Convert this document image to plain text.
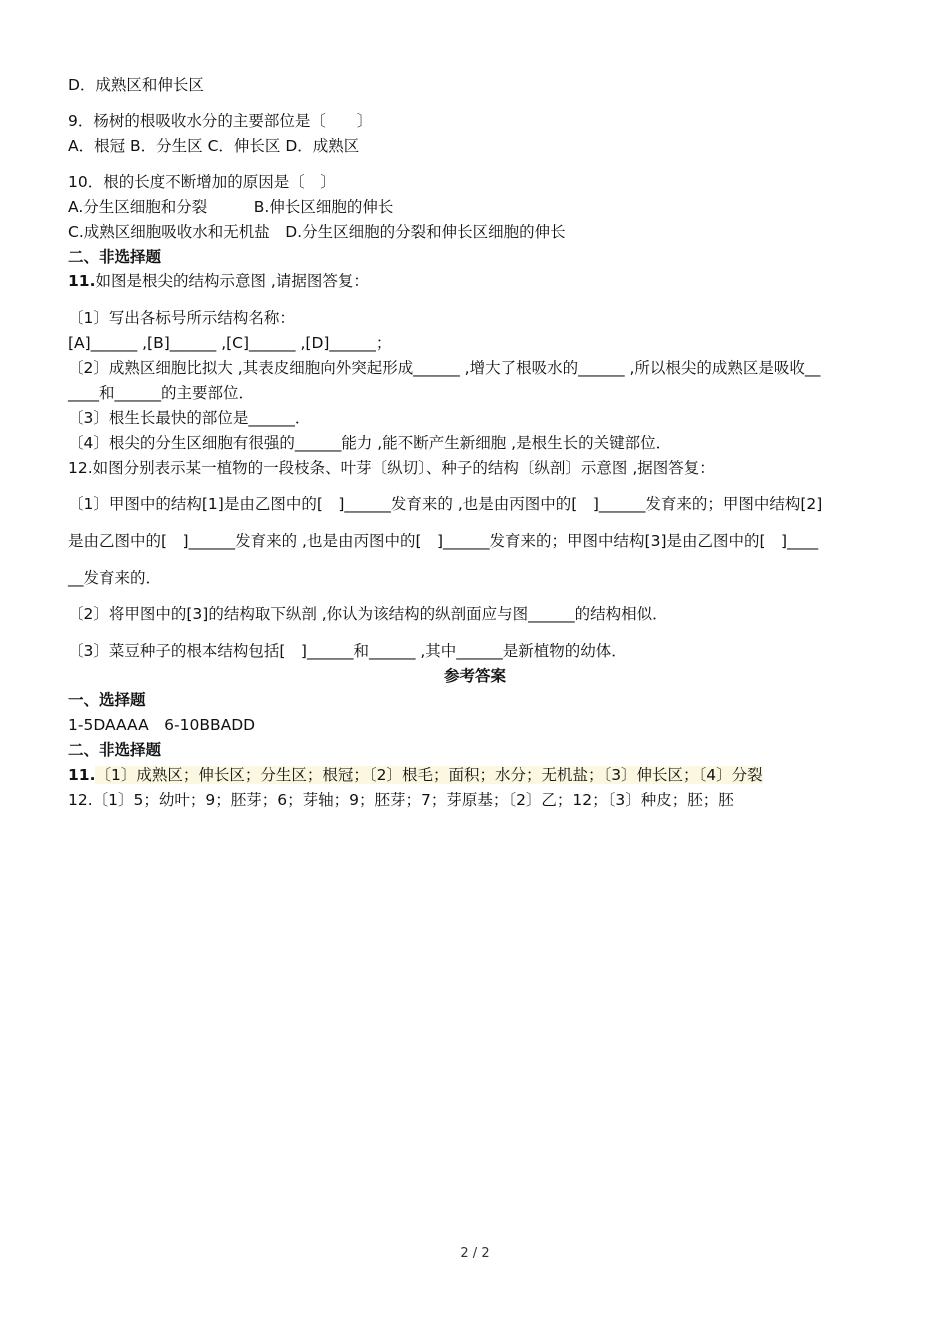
D．成熟区和伸长区
9．杨树的根吸收水分的主要部位是〔　　〕
A．根冠 B．分生区 C．伸长区 D．成熟区
10．根的长度不断增加的原因是〔　〕
A.分生区细胞和分裂　　　B.伸长区细胞的伸长
C.成熟区细胞吸收水和无机盐　D.分生区细胞的分裂和伸长区细胞的伸长
二、非选择题
11.如图是根尖的结构示意图 ,请据图答复：
〔1〕写出各标号所示结构名称：
[A]______ ,[B]______ ,[C]______ ,[D]______；
〔2〕成熟区细胞比拟大 ,其表皮细胞向外突起形成______ ,增大了根吸水的______ ,所以根尖的成熟区是吸收__
____和______的主要部位．
〔3〕根生长最快的部位是______．
〔4〕根尖的分生区细胞有很强的______能力 ,能不断产生新细胞 ,是根生长的关键部位．
12.如图分别表示某一植物的一段枝条、叶芽〔纵切〕、种子的结构〔纵剖〕示意图 ,据图答复：
〔1〕甲图中的结构[1]是由乙图中的[　]______发育来的 ,也是由丙图中的[　]______发育来的；甲图中结构[2]
是由乙图中的[　]______发育来的 ,也是由丙图中的[　]______发育来的；甲图中结构[3]是由乙图中的[　]____
__发育来的．
〔2〕将甲图中的[3]的结构取下纵剖 ,你认为该结构的纵剖面应与图______的结构相似．
〔3〕菜豆种子的根本结构包括[　]______和______ ,其中______是新植物的幼体．
参考答案
一、选择题
1-5DAAAA　6-10BBADD
二、非选择题
11.〔1〕成熟区；伸长区；分生区；根冠；〔2〕根毛；面积；水分；无机盐；〔3〕伸长区；〔4〕分裂
12.〔1〕5；幼叶；9；胚芽；6；芽轴；9；胚芽；7；芽原基；〔2〕乙；12；〔3〕种皮；胚；胚
2 / 2
